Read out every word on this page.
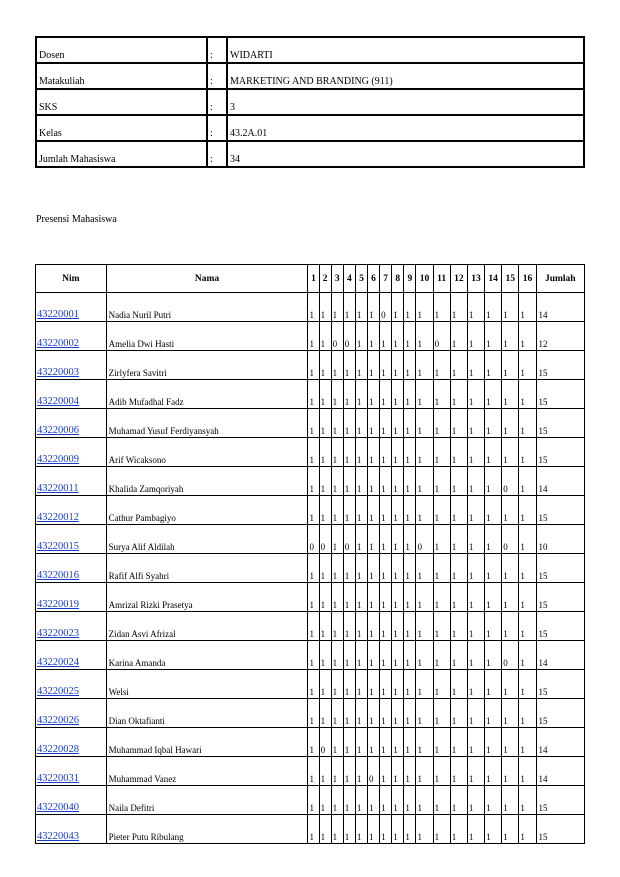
Dosen	:	WIDARTI
Matakuliah	:	MARKETING AND BRANDING (911)
SKS	:	3
Kelas	:	43.2A.01
Jumlah Mahasiswa	:	34
Presensi Mahasiswa
Nim	Nama	1	2	3	4	5	6	7	8	9	10	11	12	13	14	15	16	Jumlah
43220001	Nadia Nuril Putri	1	1	1	1	1	1	0	1	1	1	1	1	1	1	1	1	14
43220002	Amelia Dwi Hasti	1	1	0	0	1	1	1	1	1	1	0	1	1	1	1	1	12
43220003	Zirlyfera Savitri	1	1	1	1	1	1	1	1	1	1	1	1	1	1	1	1	15
43220004	Adib Mufadhal Fadz	1	1	1	1	1	1	1	1	1	1	1	1	1	1	1	1	15
43220006	Muhamad Yusuf Ferdiyansyah	1	1	1	1	1	1	1	1	1	1	1	1	1	1	1	1	15
43220009	Arif Wicaksono	1	1	1	1	1	1	1	1	1	1	1	1	1	1	1	1	15
43220011	Khalida Zamqoriyah	1	1	1	1	1	1	1	1	1	1	1	1	1	1	0	1	14
43220012	Cathur Pambagiyo	1	1	1	1	1	1	1	1	1	1	1	1	1	1	1	1	15
43220015	Surya Alif Aldilah	0	0	1	0	1	1	1	1	1	0	1	1	1	1	0	1	10
43220016	Rafif Alfi Syahri	1	1	1	1	1	1	1	1	1	1	1	1	1	1	1	1	15
43220019	Amrizal Rizki Prasetya	1	1	1	1	1	1	1	1	1	1	1	1	1	1	1	1	15
43220023	Zidan Asvi Afrizal	1	1	1	1	1	1	1	1	1	1	1	1	1	1	1	1	15
43220024	Karina Amanda	1	1	1	1	1	1	1	1	1	1	1	1	1	1	0	1	14
43220025	Welsi	1	1	1	1	1	1	1	1	1	1	1	1	1	1	1	1	15
43220026	Dian Oktafianti	1	1	1	1	1	1	1	1	1	1	1	1	1	1	1	1	15
43220028	Muhammad Iqbal Hawari	1	0	1	1	1	1	1	1	1	1	1	1	1	1	1	1	14
43220031	Muhammad Vanez	1	1	1	1	1	0	1	1	1	1	1	1	1	1	1	1	14
43220040	Naila Defitri	1	1	1	1	1	1	1	1	1	1	1	1	1	1	1	1	15
43220043	Pieter Putu Ribulang	1	1	1	1	1	1	1	1	1	1	1	1	1	1	1	1	15
